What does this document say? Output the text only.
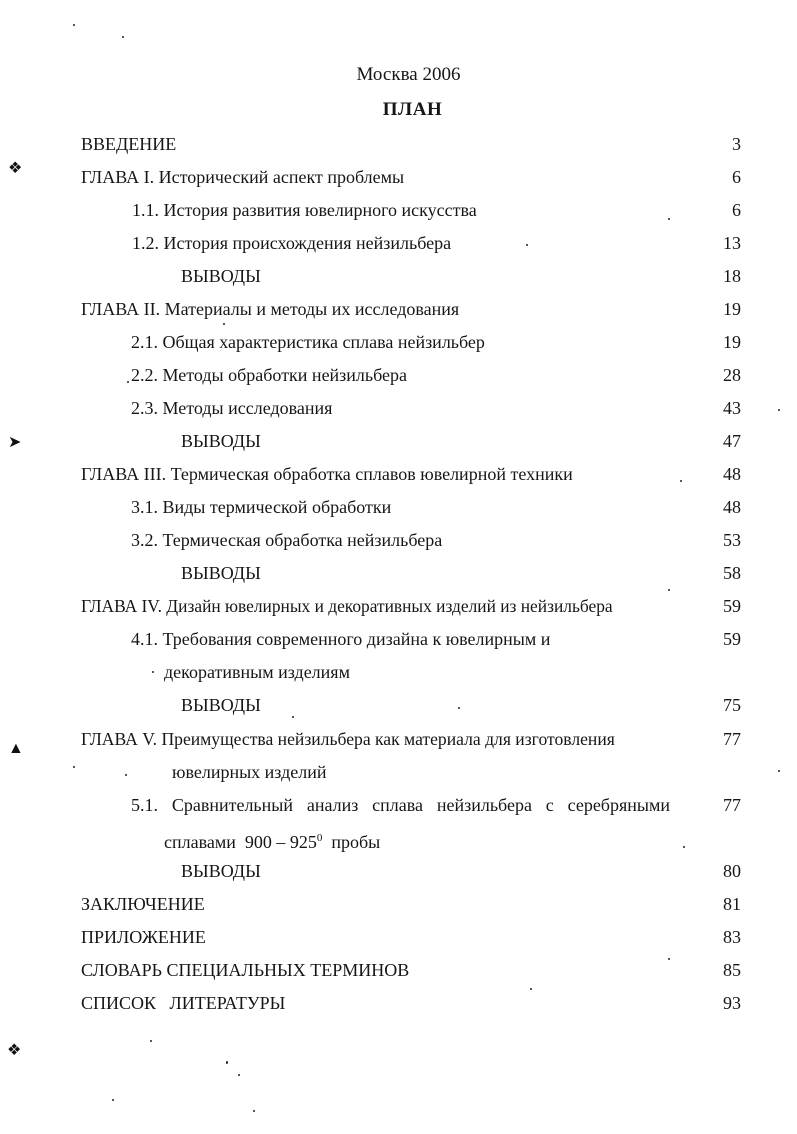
Москва 2006
ПЛАН
ВВЕДЕНИЕ	3
ГЛАВА I. Исторический аспект проблемы	6
1.1. История развития ювелирного искусства	6
1.2. История происхождения нейзильбера	13
ВЫВОДЫ	18
ГЛАВА II. Материалы и методы их исследования	19
2.1. Общая характеристика сплава нейзильбер	19
2.2. Методы обработки нейзильбера	28
2.3. Методы исследования	43
ВЫВОДЫ	47
ГЛАВА III. Термическая обработка сплавов ювелирной техники	48
3.1. Виды термической обработки	48
3.2. Термическая обработка нейзильбера	53
ВЫВОДЫ	58
ГЛАВА IV. Дизайн ювелирных и декоративных изделий из нейзильбера	59
4.1. Требования современного дизайна к ювелирным и	59
декоративным изделиям
ВЫВОДЫ	75
ГЛАВА V. Преимущества нейзильбера как материала для изготовления	77
ювелирных изделий
5.1. Сравнительный анализ сплава нейзильбера с серебряными	77
сплавами  $900 - 925^0$  пробы
ВЫВОДЫ	80
ЗАКЛЮЧЕНИЕ	81
ПРИЛОЖЕНИЕ	83
СЛОВАРЬ СПЕЦИАЛЬНЫХ ТЕРМИНОВ	85
СПИСОК   ЛИТЕРАТУРЫ	93
❖
➤
▲
❖
